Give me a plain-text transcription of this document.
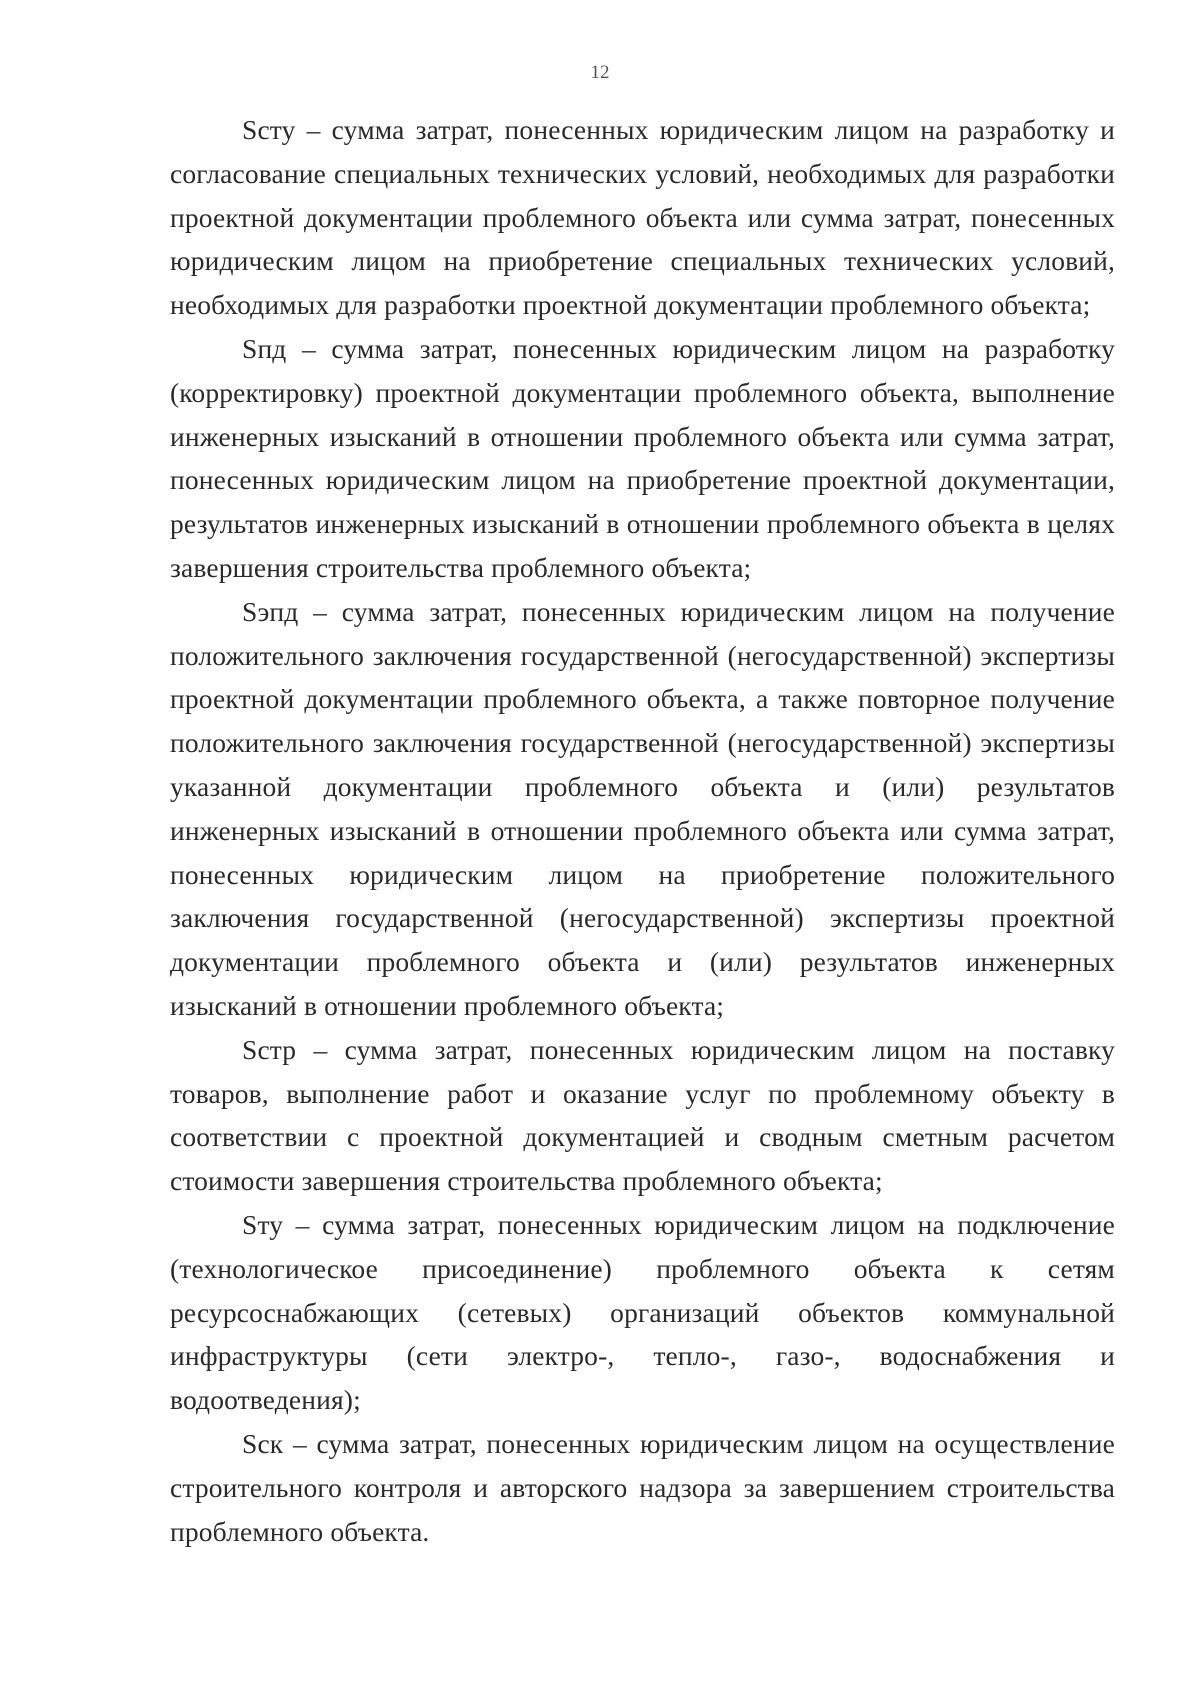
12

Sсту – сумма затрат, понесенных юридическим лицом на разработку и согласование специальных технических условий, необходимых для разработки проектной документации проблемного объекта или сумма затрат, понесенных юридическим лицом на приобретение специальных технических условий, необходимых для разработки проектной документации проблемного объекта;

Sпд – сумма затрат, понесенных юридическим лицом на разработку (корректировку) проектной документации проблемного объекта, выполнение инженерных изысканий в отношении проблемного объекта или сумма затрат, понесенных юридическим лицом на приобретение проектной документации, результатов инженерных изысканий в отношении проблемного объекта в целях завершения строительства проблемного объекта;

Sэпд – сумма затрат, понесенных юридическим лицом на получение положительного заключения государственной (негосударственной) экспертизы проектной документации проблемного объекта, а также повторное получение положительного заключения государственной (негосударственной) экспертизы указанной документации проблемного объекта и (или) результатов инженерных изысканий в отношении проблемного объекта или сумма затрат, понесенных юридическим лицом на приобретение положительного заключения государственной (негосударственной) экспертизы проектной документации проблемного объекта и (или) результатов инженерных изысканий в отношении проблемного объекта;

Sстр – сумма затрат, понесенных юридическим лицом на поставку товаров, выполнение работ и оказание услуг по проблемному объекту в соответствии с проектной документацией и сводным сметным расчетом стоимости завершения строительства проблемного объекта;

Sту – сумма затрат, понесенных юридическим лицом на подключение (технологическое присоединение) проблемного объекта к сетям ресурсоснабжающих (сетевых) организаций объектов коммунальной инфраструктуры (сети электро-, тепло-, газо-, водоснабжения и водоотведения);

Sск – сумма затрат, понесенных юридическим лицом на осуществление строительного контроля и авторского надзора за завершением строительства проблемного объекта.
